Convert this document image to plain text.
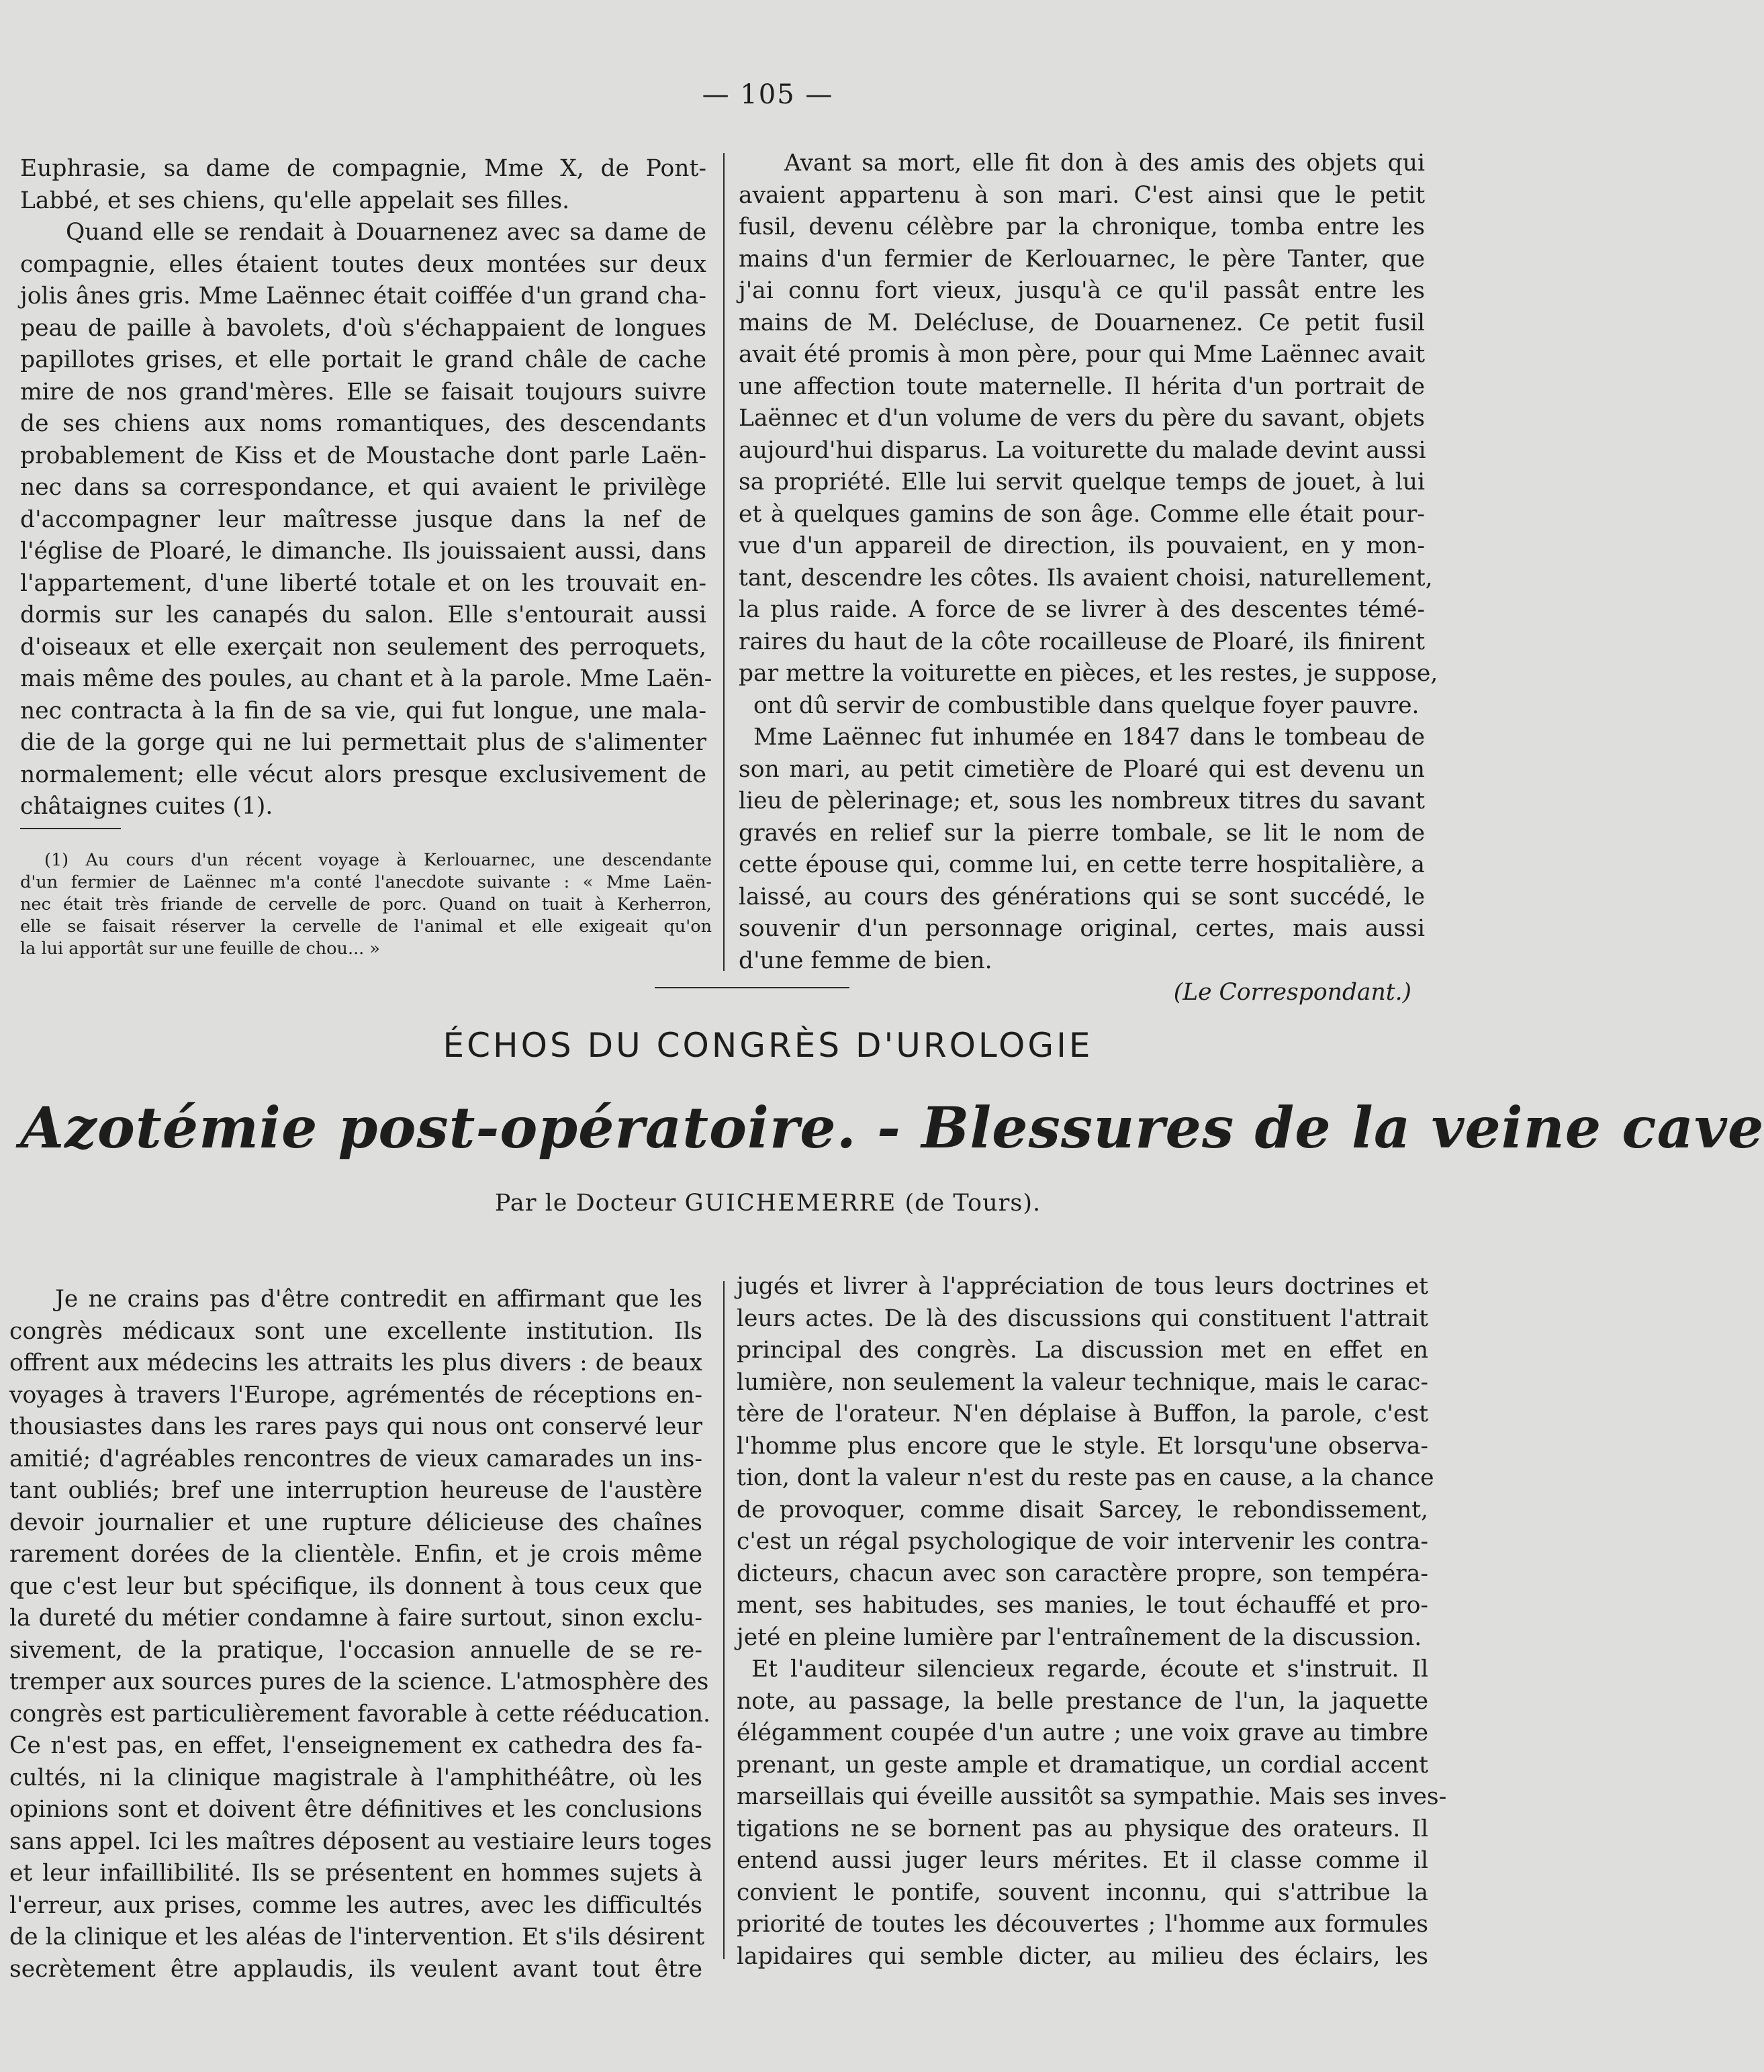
— 105 —
Euphrasie, sa dame de compagnie, Mme X, de Pont-
Labbé, et ses chiens, qu'elle appelait ses filles.
Quand elle se rendait à Douarnenez avec sa dame de
compagnie, elles étaient toutes deux montées sur deux
jolis ânes gris. Mme Laënnec était coiffée d'un grand cha-
peau de paille à bavolets, d'où s'échappaient de longues
papillotes grises, et elle portait le grand châle de cache
mire de nos grand'mères. Elle se faisait toujours suivre
de ses chiens aux noms romantiques, des descendants
probablement de Kiss et de Moustache dont parle Laën-
nec dans sa correspondance, et qui avaient le privilège
d'accompagner leur maîtresse jusque dans la nef de
l'église de Ploaré, le dimanche. Ils jouissaient aussi, dans
l'appartement, d'une liberté totale et on les trouvait en-
dormis sur les canapés du salon. Elle s'entourait aussi
d'oiseaux et elle exerçait non seulement des perroquets,
mais même des poules, au chant et à la parole. Mme Laën-
nec contracta à la fin de sa vie, qui fut longue, une mala-
die de la gorge qui ne lui permettait plus de s'alimenter
normalement; elle vécut alors presque exclusivement de
châtaignes cuites (1).
(1) Au cours d'un récent voyage à Kerlouarnec, une descendante
d'un fermier de Laënnec m'a conté l'anecdote suivante : « Mme Laën-
nec était très friande de cervelle de porc. Quand on tuait à Kerherron,
elle se faisait réserver la cervelle de l'animal et elle exigeait qu'on
la lui apportât sur une feuille de chou... »
Avant sa mort, elle fit don à des amis des objets qui
avaient appartenu à son mari. C'est ainsi que le petit
fusil, devenu célèbre par la chronique, tomba entre les
mains d'un fermier de Kerlouarnec, le père Tanter, que
j'ai connu fort vieux, jusqu'à ce qu'il passât entre les
mains de M. Delécluse, de Douarnenez. Ce petit fusil
avait été promis à mon père, pour qui Mme Laënnec avait
une affection toute maternelle. Il hérita d'un portrait de
Laënnec et d'un volume de vers du père du savant, objets
aujourd'hui disparus. La voiturette du malade devint aussi
sa propriété. Elle lui servit quelque temps de jouet, à lui
et à quelques gamins de son âge. Comme elle était pour-
vue d'un appareil de direction, ils pouvaient, en y mon-
tant, descendre les côtes. Ils avaient choisi, naturellement,
la plus raide. A force de se livrer à des descentes témé-
raires du haut de la côte rocailleuse de Ploaré, ils finirent
par mettre la voiturette en pièces, et les restes, je suppose,
ont dû servir de combustible dans quelque foyer pauvre.
Mme Laënnec fut inhumée en 1847 dans le tombeau de
son mari, au petit cimetière de Ploaré qui est devenu un
lieu de pèlerinage; et, sous les nombreux titres du savant
gravés en relief sur la pierre tombale, se lit le nom de
cette épouse qui, comme lui, en cette terre hospitalière, a
laissé, au cours des générations qui se sont succédé, le
souvenir d'un personnage original, certes, mais aussi
d'une femme de bien.
(Le Correspondant.)
ÉCHOS DU CONGRÈS D'UROLOGIE
Azotémie post-opératoire. - Blessures de la veine cave
Par le Docteur GUICHEMERRE (de Tours).
Je ne crains pas d'être contredit en affirmant que les
congrès médicaux sont une excellente institution. Ils
offrent aux médecins les attraits les plus divers : de beaux
voyages à travers l'Europe, agrémentés de réceptions en-
thousiastes dans les rares pays qui nous ont conservé leur
amitié; d'agréables rencontres de vieux camarades un ins-
tant oubliés; bref une interruption heureuse de l'austère
devoir journalier et une rupture délicieuse des chaînes
rarement dorées de la clientèle. Enfin, et je crois même
que c'est leur but spécifique, ils donnent à tous ceux que
la dureté du métier condamne à faire surtout, sinon exclu-
sivement, de la pratique, l'occasion annuelle de se re-
tremper aux sources pures de la science. L'atmosphère des
congrès est particulièrement favorable à cette rééducation.
Ce n'est pas, en effet, l'enseignement ex cathedra des fa-
cultés, ni la clinique magistrale à l'amphithéâtre, où les
opinions sont et doivent être définitives et les conclusions
sans appel. Ici les maîtres déposent au vestiaire leurs toges
et leur infaillibilité. Ils se présentent en hommes sujets à
l'erreur, aux prises, comme les autres, avec les difficultés
de la clinique et les aléas de l'intervention. Et s'ils désirent
secrètement être applaudis, ils veulent avant tout être
jugés et livrer à l'appréciation de tous leurs doctrines et
leurs actes. De là des discussions qui constituent l'attrait
principal des congrès. La discussion met en effet en
lumière, non seulement la valeur technique, mais le carac-
tère de l'orateur. N'en déplaise à Buffon, la parole, c'est
l'homme plus encore que le style. Et lorsqu'une observa-
tion, dont la valeur n'est du reste pas en cause, a la chance
de provoquer, comme disait Sarcey, le rebondissement,
c'est un régal psychologique de voir intervenir les contra-
dicteurs, chacun avec son caractère propre, son tempéra-
ment, ses habitudes, ses manies, le tout échauffé et pro-
jeté en pleine lumière par l'entraînement de la discussion.
Et l'auditeur silencieux regarde, écoute et s'instruit. Il
note, au passage, la belle prestance de l'un, la jaquette
élégamment coupée d'un autre ; une voix grave au timbre
prenant, un geste ample et dramatique, un cordial accent
marseillais qui éveille aussitôt sa sympathie. Mais ses inves-
tigations ne se bornent pas au physique des orateurs. Il
entend aussi juger leurs mérites. Et il classe comme il
convient le pontife, souvent inconnu, qui s'attribue la
priorité de toutes les découvertes ; l'homme aux formules
lapidaires qui semble dicter, au milieu des éclairs, les
